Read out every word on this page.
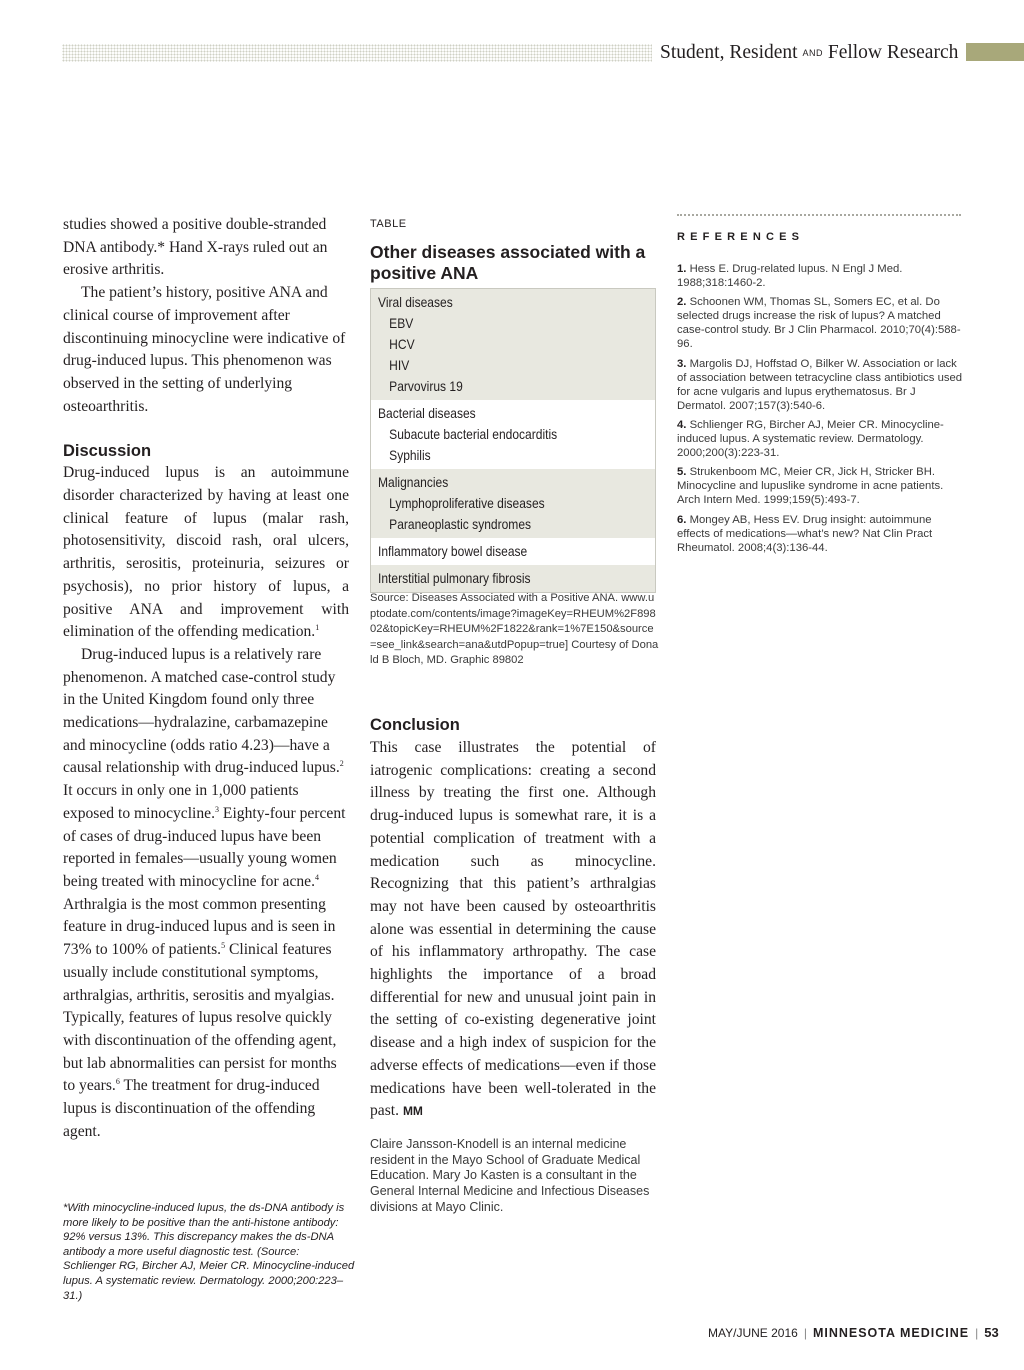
Student, Resident AND Fellow Research

studies showed a positive double-stranded DNA antibody.* Hand X-rays ruled out an erosive arthritis.

The patient’s history, positive ANA and clinical course of improvement after discontinuing minocycline were indicative of drug-induced lupus. This phenomenon was observed in the setting of underlying osteoarthritis.

Discussion

Drug-induced lupus is an autoimmune disorder characterized by having at least one clinical feature of lupus (malar rash, photosensitivity, discoid rash, oral ulcers, arthritis, serositis, proteinuria, seizures or psychosis), no prior history of lupus, a positive ANA and improvement with elimination of the offending medication.$^1$

Drug-induced lupus is a relatively rare phenomenon. A matched case-control study in the United Kingdom found only three medications—hydralazine, carbamazepine and minocycline (odds ratio 4.23)—have a causal relationship with drug-induced lupus.$^2$ It occurs in only one in 1,000 patients exposed to minocycline.$^3$ Eighty-four percent of cases of drug-induced lupus have been reported in females—usually young women being treated with minocycline for acne.$^4$ Arthralgia is the most common presenting feature in drug-induced lupus and is seen in 73% to 100% of patients.$^5$ Clinical features usually include constitutional symptoms, arthralgias, arthritis, serositis and myalgias. Typically, features of lupus resolve quickly with discontinuation of the offending agent, but lab abnormalities can persist for months to years.$^6$ The treatment for drug-induced lupus is discontinuation of the offending agent.

*With minocycline-induced lupus, the ds-DNA antibody is more likely to be positive than the anti-histone antibody: 92% versus 13%. This discrepancy makes the ds-DNA antibody a more useful diagnostic test. (Source: Schlienger RG, Bircher AJ, Meier CR. Minocycline-induced lupus. A systematic review. Dermatology. 2000;200:223–31.)
TABLE
Other diseases associated with a positive ANA
Viral diseases
EBV
HCV
HIV
Parvovirus 19
Bacterial diseases
Subacute bacterial endocarditis
Syphilis
Malignancies
Lymphoproliferative diseases
Paraneoplastic syndromes
Inflammatory bowel disease
Interstitial pulmonary fibrosis
Source: Diseases Associated with a Positive ANA. www.uptodate.com/contents/image?imageKey=RHEUM%2F89802&topicKey=RHEUM%2F1822&rank=1%7E150&source=see_link&search=ana&utdPopup=true] Courtesy of Donald B Bloch, MD. Graphic 89802
Conclusion

This case illustrates the potential of iatrogenic complications: creating a second illness by treating the first one. Although drug-induced lupus is somewhat rare, it is a potential complication of treatment with a medication such as minocycline. Recognizing that this patient’s arthralgias may not have been caused by osteoarthritis alone was essential in determining the cause of his inflammatory arthropathy. The case highlights the importance of a broad differential for new and unusual joint pain in the setting of co-existing degenerative joint disease and a high index of suspicion for the adverse effects of medications—even if those medications have been well-tolerated in the past. MM

Claire Jansson-Knodell is an internal medicine resident in the Mayo School of Graduate Medical Education. Mary Jo Kasten is a consultant in the General Internal Medicine and Infectious Diseases divisions at Mayo Clinic.
REFERENCES
1. Hess E. Drug-related lupus. N Engl J Med. 1988;318:1460-2.
2. Schoonen WM, Thomas SL, Somers EC, et al. Do selected drugs increase the risk of lupus? A matched case-control study. Br J Clin Pharmacol. 2010;70(4):588-96.
3. Margolis DJ, Hoffstad O, Bilker W. Association or lack of association between tetracycline class antibiotics used for acne vulgaris and lupus erythematosus. Br J Dermatol. 2007;157(3):540-6.
4. Schlienger RG, Bircher AJ, Meier CR. Minocycline-induced lupus. A systematic review. Dermatology. 2000;200(3):223-31.
5. Strukenboom MC, Meier CR, Jick H, Stricker BH. Minocycline and lupuslike syndrome in acne patients. Arch Intern Med. 1999;159(5):493-7.
6. Mongey AB, Hess EV. Drug insight: autoimmune effects of medications—what’s new? Nat Clin Pract Rheumatol. 2008;4(3):136-44.
MAY/JUNE 2016 | MINNESOTA MEDICINE | 53
